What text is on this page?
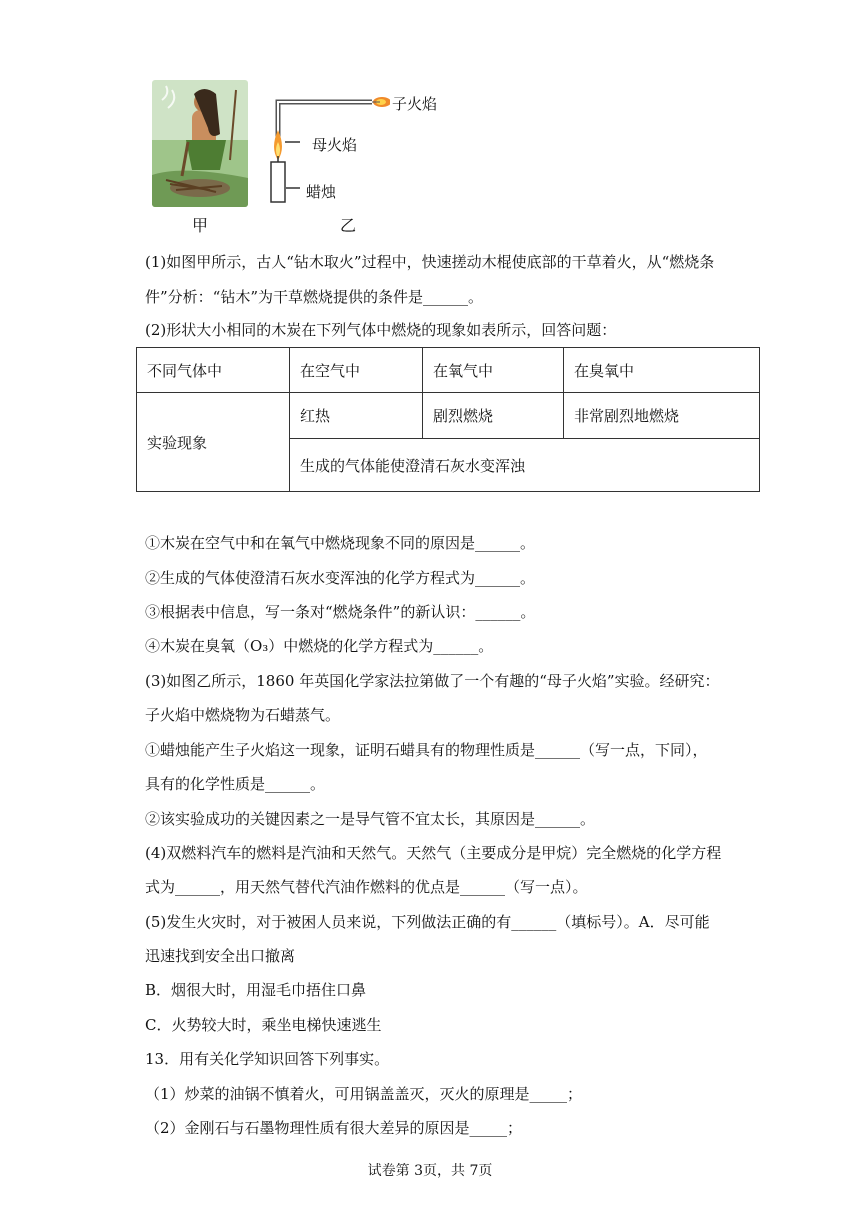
甲
子火焰
母火焰
蜡烛
乙
(1)如图甲所示，古人“钻木取火”过程中，快速搓动木棍使底部的干草着火，从“燃烧条
件”分析：“钻木”为干草燃烧提供的条件是______。
(2)形状大小相同的木炭在下列气体中燃烧的现象如表所示，回答问题：
不同气体中	在空气中	在氧气中	在臭氧中
实验现象	红热	剧烈燃烧	非常剧烈地燃烧
	生成的气体能使澄清石灰水变浑浊		
①木炭在空气中和在氧气中燃烧现象不同的原因是______。
②生成的气体使澄清石灰水变浑浊的化学方程式为______。
③根据表中信息，写一条对“燃烧条件”的新认识：______。
④木炭在臭氧（O₃）中燃烧的化学方程式为______。
(3)如图乙所示，1860 年英国化学家法拉第做了一个有趣的“母子火焰”实验。经研究：
子火焰中燃烧物为石蜡蒸气。
①蜡烛能产生子火焰这一现象，证明石蜡具有的物理性质是______（写一点，下同），
具有的化学性质是______。
②该实验成功的关键因素之一是导气管不宜太长，其原因是______。
(4)双燃料汽车的燃料是汽油和天然气。天然气（主要成分是甲烷）完全燃烧的化学方程
式为______，用天然气替代汽油作燃料的优点是______（写一点）。
(5)发生火灾时，对于被困人员来说，下列做法正确的有______（填标号）。A．尽可能
迅速找到安全出口撤离
B．烟很大时，用湿毛巾捂住口鼻
C．火势较大时，乘坐电梯快速逃生
13．用有关化学知识回答下列事实。
（1）炒菜的油锅不慎着火，可用锅盖盖灭，灭火的原理是_____；
（2）金刚石与石墨物理性质有很大差异的原因是_____；
试卷第 3页，共 7页
